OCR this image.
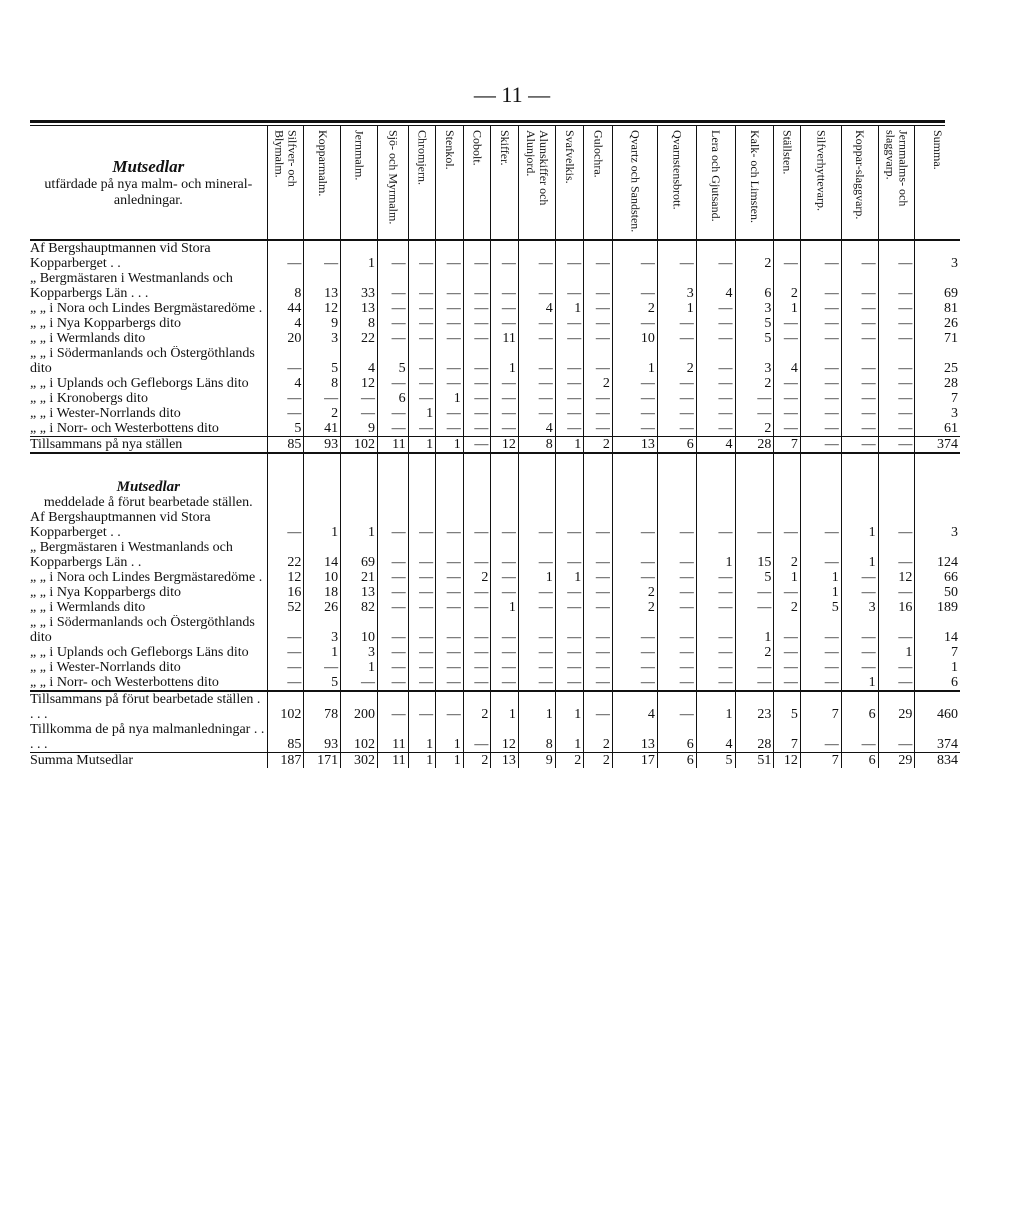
— 11 —
Mutsedlar
utfärdade på nya malm- och mineral-anledningar.	Silfver- och Blymalm.	Kopparmalm.	Jernmalm.	Sjö- och Myrmalm.	Chromjern.	Stenkol.	Cobolt.	Skiffer.	Alunskiffer och Alunjord.	Svafvelkis.	Gulochra.	Qvartz och Sandsten.	Qvarnstensbrott.	Lera och Gjutsand.	Kalk- och Limsten.	Ställsten.	Silfverhyttevarp.	Koppar-slaggvarp.	Jernmalms- och slaggvarp.	Summa.
Af Bergshauptmannen vid Stora Kopparberget . .	—	—	1	—	—	—	—	—	—	—	—	—	—	—	2	—	—	—	—	3
„ Bergmästaren i Westmanlands och Kopparbergs Län . . .	8	13	33	—	—	—	—	—	—	—	—	—	3	4	6	2	—	—	—	69
„ „ i Nora och Lindes Bergmästaredöme .	44	12	13	—	—	—	—	—	4	1	—	2	1	—	3	1	—	—	—	81
„ „ i Nya Kopparbergs dito	4	9	8	—	—	—	—	—	—	—	—	—	—	—	5	—	—	—	—	26
„ „ i Wermlands dito	20	3	22	—	—	—	—	11	—	—	—	10	—	—	5	—	—	—	—	71
„ „ i Södermanlands och Östergöthlands dito	—	5	4	5	—	—	—	1	—	—	—	1	2	—	3	4	—	—	—	25
„ „ i Uplands och Gefleborgs Läns dito	4	8	12	—	—	—	—	—	—	—	2	—	—	—	2	—	—	—	—	28
„ „ i Kronobergs dito	—	—	—	6	—	1	—	—	—	—	—	—	—	—	—	—	—	—	—	7
„ „ i Wester-Norrlands dito	—	2	—	—	1	—	—	—	—	—	—	—	—	—	—	—	—	—	—	3
„ „ i Norr- och Westerbottens dito	5	41	9	—	—	—	—	—	4	—	—	—	—	—	2	—	—	—	—	61
Tillsammans på nya ställen	85	93	102	11	1	1	—	12	8	1	2	13	6	4	28	7	—	—	—	374

Mutsedlar
meddelade å förut bearbetade ställen.																				

Af Bergshauptmannen vid Stora Kopparberget . .	—	1	1	—	—	—	—	—	—	—	—	—	—	—	—	—	—	1	—	3
„ Bergmästaren i Westmanlands och Kopparbergs Län . .	22	14	69	—	—	—	—	—	—	—	—	—	—	1	15	2	—	1	—	124
„ „ i Nora och Lindes Bergmästaredöme .	12	10	21	—	—	—	2	—	1	1	—	—	—	—	5	1	1	—	12	66
„ „ i Nya Kopparbergs dito	16	18	13	—	—	—	—	—	—	—	—	2	—	—	—	—	1	—	—	50
„ „ i Wermlands dito	52	26	82	—	—	—	—	1	—	—	—	2	—	—	—	2	5	3	16	189
„ „ i Södermanlands och Östergöthlands dito	—	3	10	—	—	—	—	—	—	—	—	—	—	—	1	—	—	—	—	14
„ „ i Uplands och Gefleborgs Läns dito	—	1	3	—	—	—	—	—	—	—	—	—	—	—	2	—	—	—	1	7
„ „ i Wester-Norrlands dito	—	—	1	—	—	—	—	—	—	—	—	—	—	—	—	—	—	—	—	1
„ „ i Norr- och Westerbottens dito	—	5	—	—	—	—	—	—	—	—	—	—	—	—	—	—	—	1	—	6
Tillsammans på förut bearbetade ställen . . . .	102	78	200	—	—	—	2	1	1	1	—	4	—	1	23	5	7	6	29	460
Tillkomma de på nya malmanledningar . . . . .	85	93	102	11	1	1	—	12	8	1	2	13	6	4	28	7	—	—	—	374
Summa Mutsedlar	187	171	302	11	1	1	2	13	9	2	2	17	6	5	51	12	7	6	29	834
